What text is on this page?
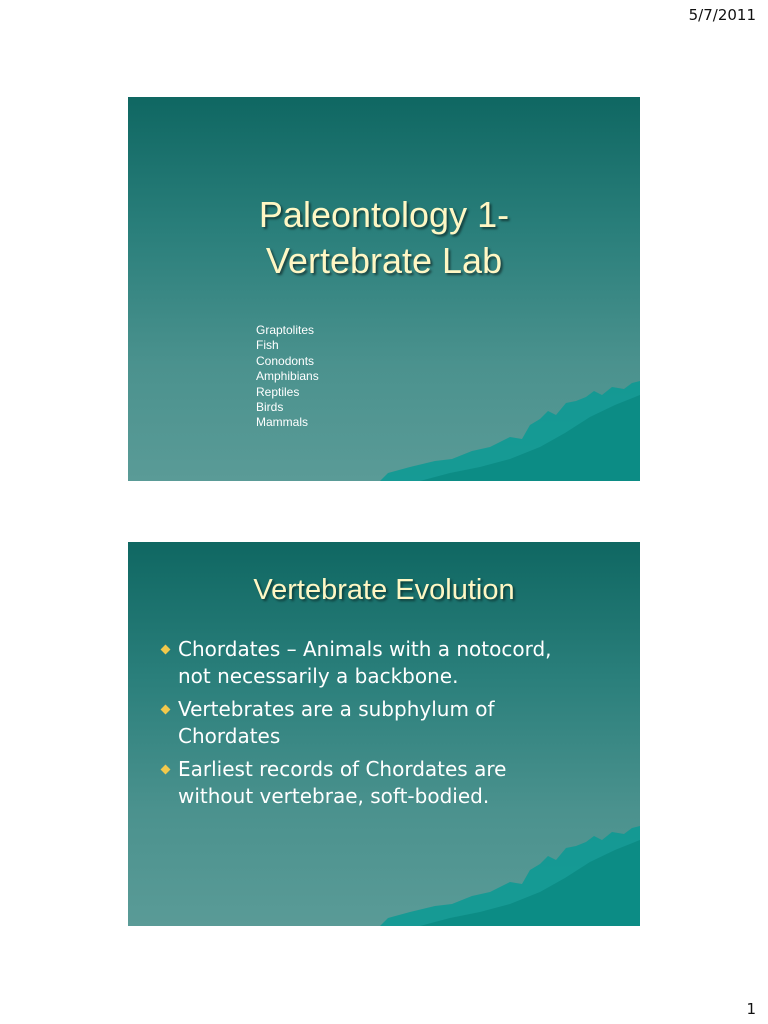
5/7/2011
Paleontology 1-
Vertebrate Lab
Graptolites
Fish
Conodonts
Amphibians
Reptiles
Birds
Mammals
Vertebrate Evolution
Chordates – Animals with a notocord,
not necessarily a backbone.
Vertebrates are a subphylum of
Chordates
Earliest records of Chordates are
without vertebrae, soft-bodied.
1
